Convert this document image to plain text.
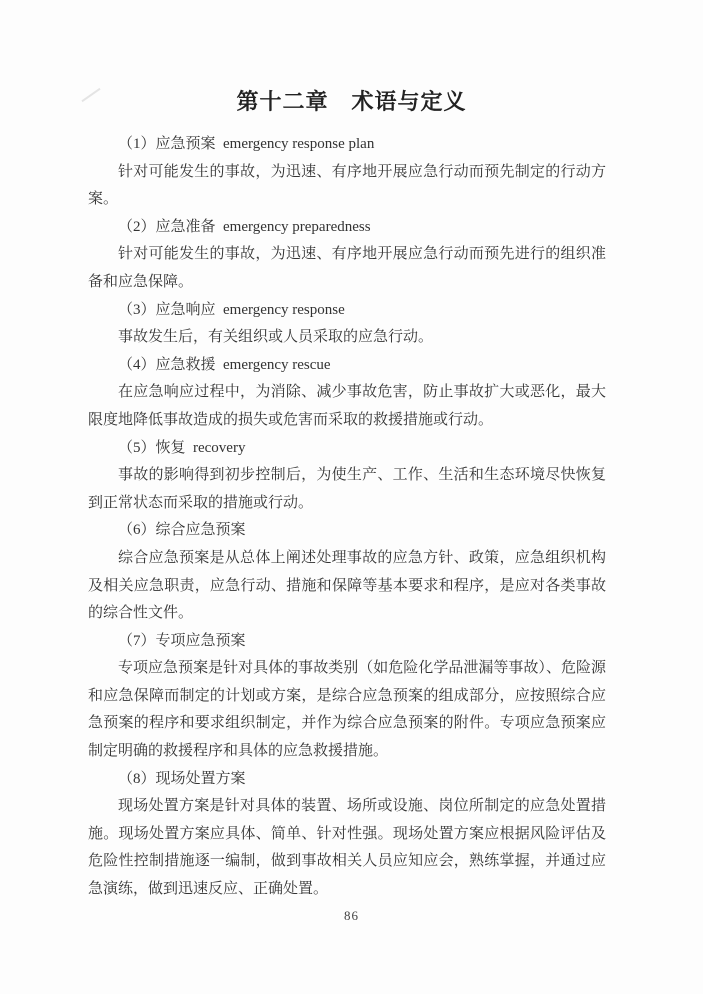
第十二章　术语与定义

（1）应急预案  emergency response plan

针对可能发生的事故，为迅速、有序地开展应急行动而预先制定的行动方案。

（2）应急准备  emergency preparedness

针对可能发生的事故，为迅速、有序地开展应急行动而预先进行的组织准备和应急保障。

（3）应急响应  emergency response

事故发生后，有关组织或人员采取的应急行动。

（4）应急救援  emergency rescue

在应急响应过程中，为消除、减少事故危害，防止事故扩大或恶化，最大限度地降低事故造成的损失或危害而采取的救援措施或行动。

（5）恢复  recovery

事故的影响得到初步控制后，为使生产、工作、生活和生态环境尽快恢复到正常状态而采取的措施或行动。

（6）综合应急预案

综合应急预案是从总体上阐述处理事故的应急方针、政策，应急组织机构及相关应急职责，应急行动、措施和保障等基本要求和程序，是应对各类事故的综合性文件。

（7）专项应急预案

专项应急预案是针对具体的事故类别（如危险化学品泄漏等事故）、危险源和应急保障而制定的计划或方案，是综合应急预案的组成部分，应按照综合应急预案的程序和要求组织制定，并作为综合应急预案的附件。专项应急预案应制定明确的救援程序和具体的应急救援措施。

（8）现场处置方案

现场处置方案是针对具体的装置、场所或设施、岗位所制定的应急处置措施。现场处置方案应具体、简单、针对性强。现场处置方案应根据风险评估及危险性控制措施逐一编制，做到事故相关人员应知应会，熟练掌握，并通过应急演练，做到迅速反应、正确处置。

86
